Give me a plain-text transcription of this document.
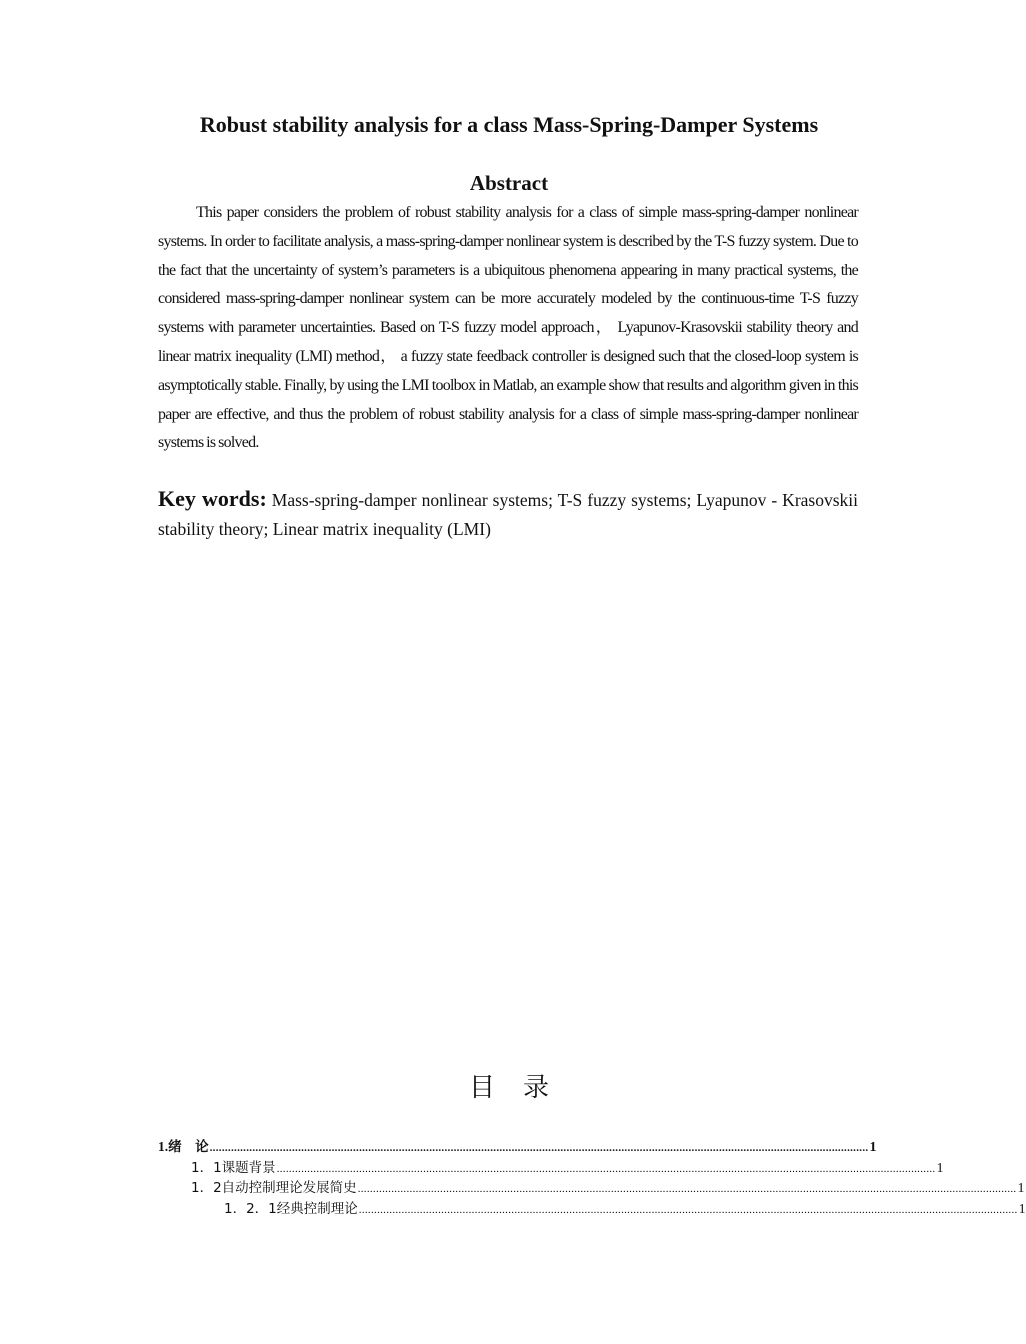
Robust stability analysis for a class Mass-Spring-Damper Systems
Abstract
This paper considers the problem of robust stability analysis for a class of simple mass-spring-damper nonlinear systems. In order to facilitate analysis, a mass-spring-damper nonlinear system is described by the T-S fuzzy system. Due to the fact that the uncertainty of system’s parameters is a ubiquitous phenomena appearing in many practical systems, the considered mass-spring-damper nonlinear system can be more accurately modeled by the continuous-time T-S fuzzy systems with parameter uncertainties. Based on T-S fuzzy model approach， Lyapunov-Krasovskii stability theory and linear matrix inequality (LMI) method， a fuzzy state feedback controller is designed such that the closed-loop system is asymptotically stable. Finally, by using the LMI toolbox in Matlab, an example show that results and algorithm given in this paper are effective, and thus the problem of robust stability analysis for a class of simple mass-spring-damper nonlinear systems is solved.
Key words: Mass-spring-damper nonlinear systems; T-S fuzzy systems; Lyapunov - Krasovskii stability theory; Linear matrix inequality (LMI)
目录
1.绪　论 ........................................................................................................................................................................................................................ 1
1．1课题背景 ........................................................................................................................................................................................................................ 1
1．2自动控制理论发展简史 ........................................................................................................................................................................................................................ 1
1．2．1经典控制理论 ........................................................................................................................................................................................................................ 1
